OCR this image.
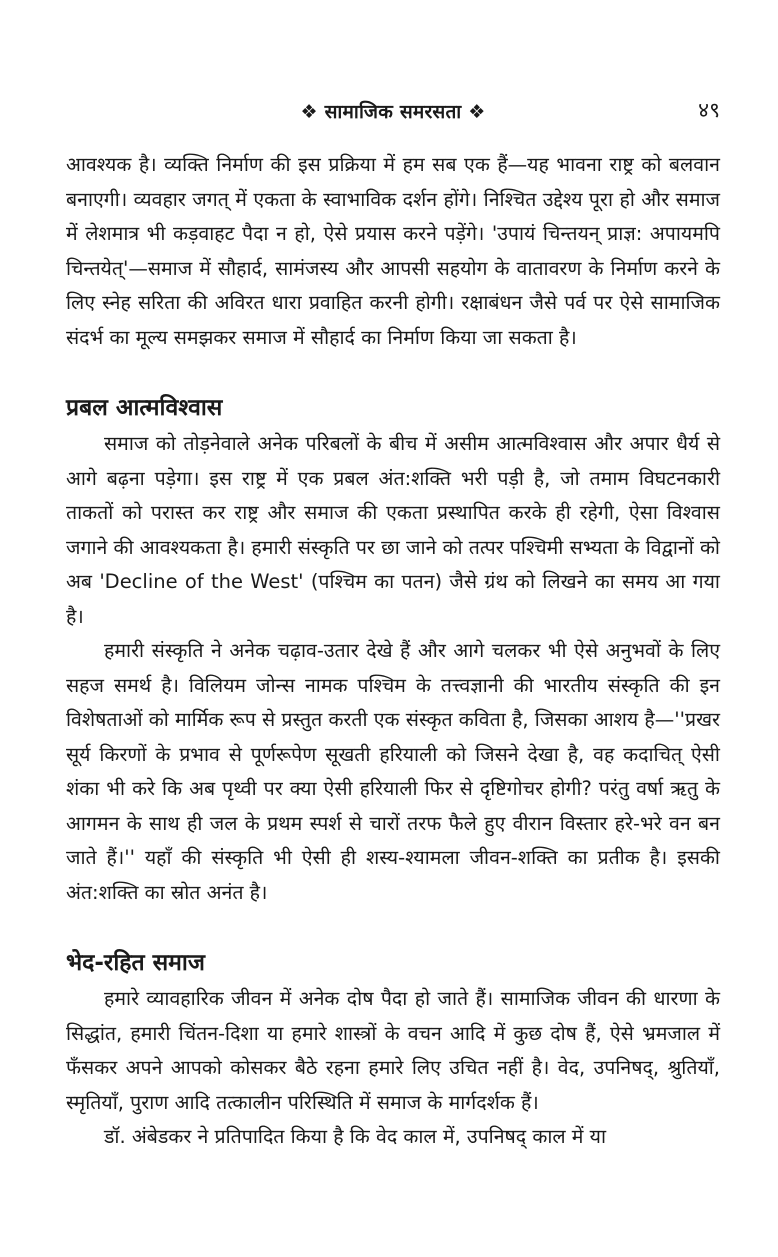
❖ सामाजिक समरसता ❖	४९

आवश्यक है। व्यक्ति निर्माण की इस प्रक्रिया में हम सब एक हैं—यह भावना राष्ट्र को बलवान बनाएगी। व्यवहार जगत् में एकता के स्वाभाविक दर्शन होंगे। निश्चित उद्देश्य पूरा हो और समाज में लेशमात्र भी कड़वाहट पैदा न हो, ऐसे प्रयास करने पड़ेंगे। 'उपायं चिन्तयन् प्राज्ञ: अपायमपि चिन्तयेत्'—समाज में सौहार्द, सामंजस्य और आपसी सहयोग के वातावरण के निर्माण करने के लिए स्नेह सरिता की अविरत धारा प्रवाहित करनी होगी। रक्षाबंधन जैसे पर्व पर ऐसे सामाजिक संदर्भ का मूल्य समझकर समाज में सौहार्द का निर्माण किया जा सकता है।

प्रबल आत्मविश्वास

समाज को तोड़नेवाले अनेक परिबलों के बीच में असीम आत्मविश्वास और अपार धैर्य से आगे बढ़ना पड़ेगा। इस राष्ट्र में एक प्रबल अंत:शक्ति भरी पड़ी है, जो तमाम विघटनकारी ताकतों को परास्त कर राष्ट्र और समाज की एकता प्रस्थापित करके ही रहेगी, ऐसा विश्वास जगाने की आवश्यकता है। हमारी संस्कृति पर छा जाने को तत्पर पश्चिमी सभ्यता के विद्वानों को अब 'Decline of the West' (पश्चिम का पतन) जैसे ग्रंथ को लिखने का समय आ गया है।

हमारी संस्कृति ने अनेक चढ़ाव-उतार देखे हैं और आगे चलकर भी ऐसे अनुभवों के लिए सहज समर्थ है। विलियम जोन्स नामक पश्चिम के तत्त्वज्ञानी की भारतीय संस्कृति की इन विशेषताओं को मार्मिक रूप से प्रस्तुत करती एक संस्कृत कविता है, जिसका आशय है—''प्रखर सूर्य किरणों के प्रभाव से पूर्णरूपेण सूखती हरियाली को जिसने देखा है, वह कदाचित् ऐसी शंका भी करे कि अब पृथ्वी पर क्या ऐसी हरियाली फिर से दृष्टिगोचर होगी? परंतु वर्षा ऋतु के आगमन के साथ ही जल के प्रथम स्पर्श से चारों तरफ फैले हुए वीरान विस्तार हरे-भरे वन बन जाते हैं।'' यहाँ की संस्कृति भी ऐसी ही शस्य-श्यामला जीवन-शक्ति का प्रतीक है। इसकी अंत:शक्ति का स्रोत अनंत है।

भेद-रहित समाज

हमारे व्यावहारिक जीवन में अनेक दोष पैदा हो जाते हैं। सामाजिक जीवन की धारणा के सिद्धांत, हमारी चिंतन-दिशा या हमारे शास्त्रों के वचन आदि में कुछ दोष हैं, ऐसे भ्रमजाल में फँसकर अपने आपको कोसकर बैठे रहना हमारे लिए उचित नहीं है। वेद, उपनिषद्, श्रुतियाँ, स्मृतियाँ, पुराण आदि तत्कालीन परिस्थिति में समाज के मार्गदर्शक हैं।

डॉ. अंबेडकर ने प्रतिपादित किया है कि वेद काल में, उपनिषद् काल में या
